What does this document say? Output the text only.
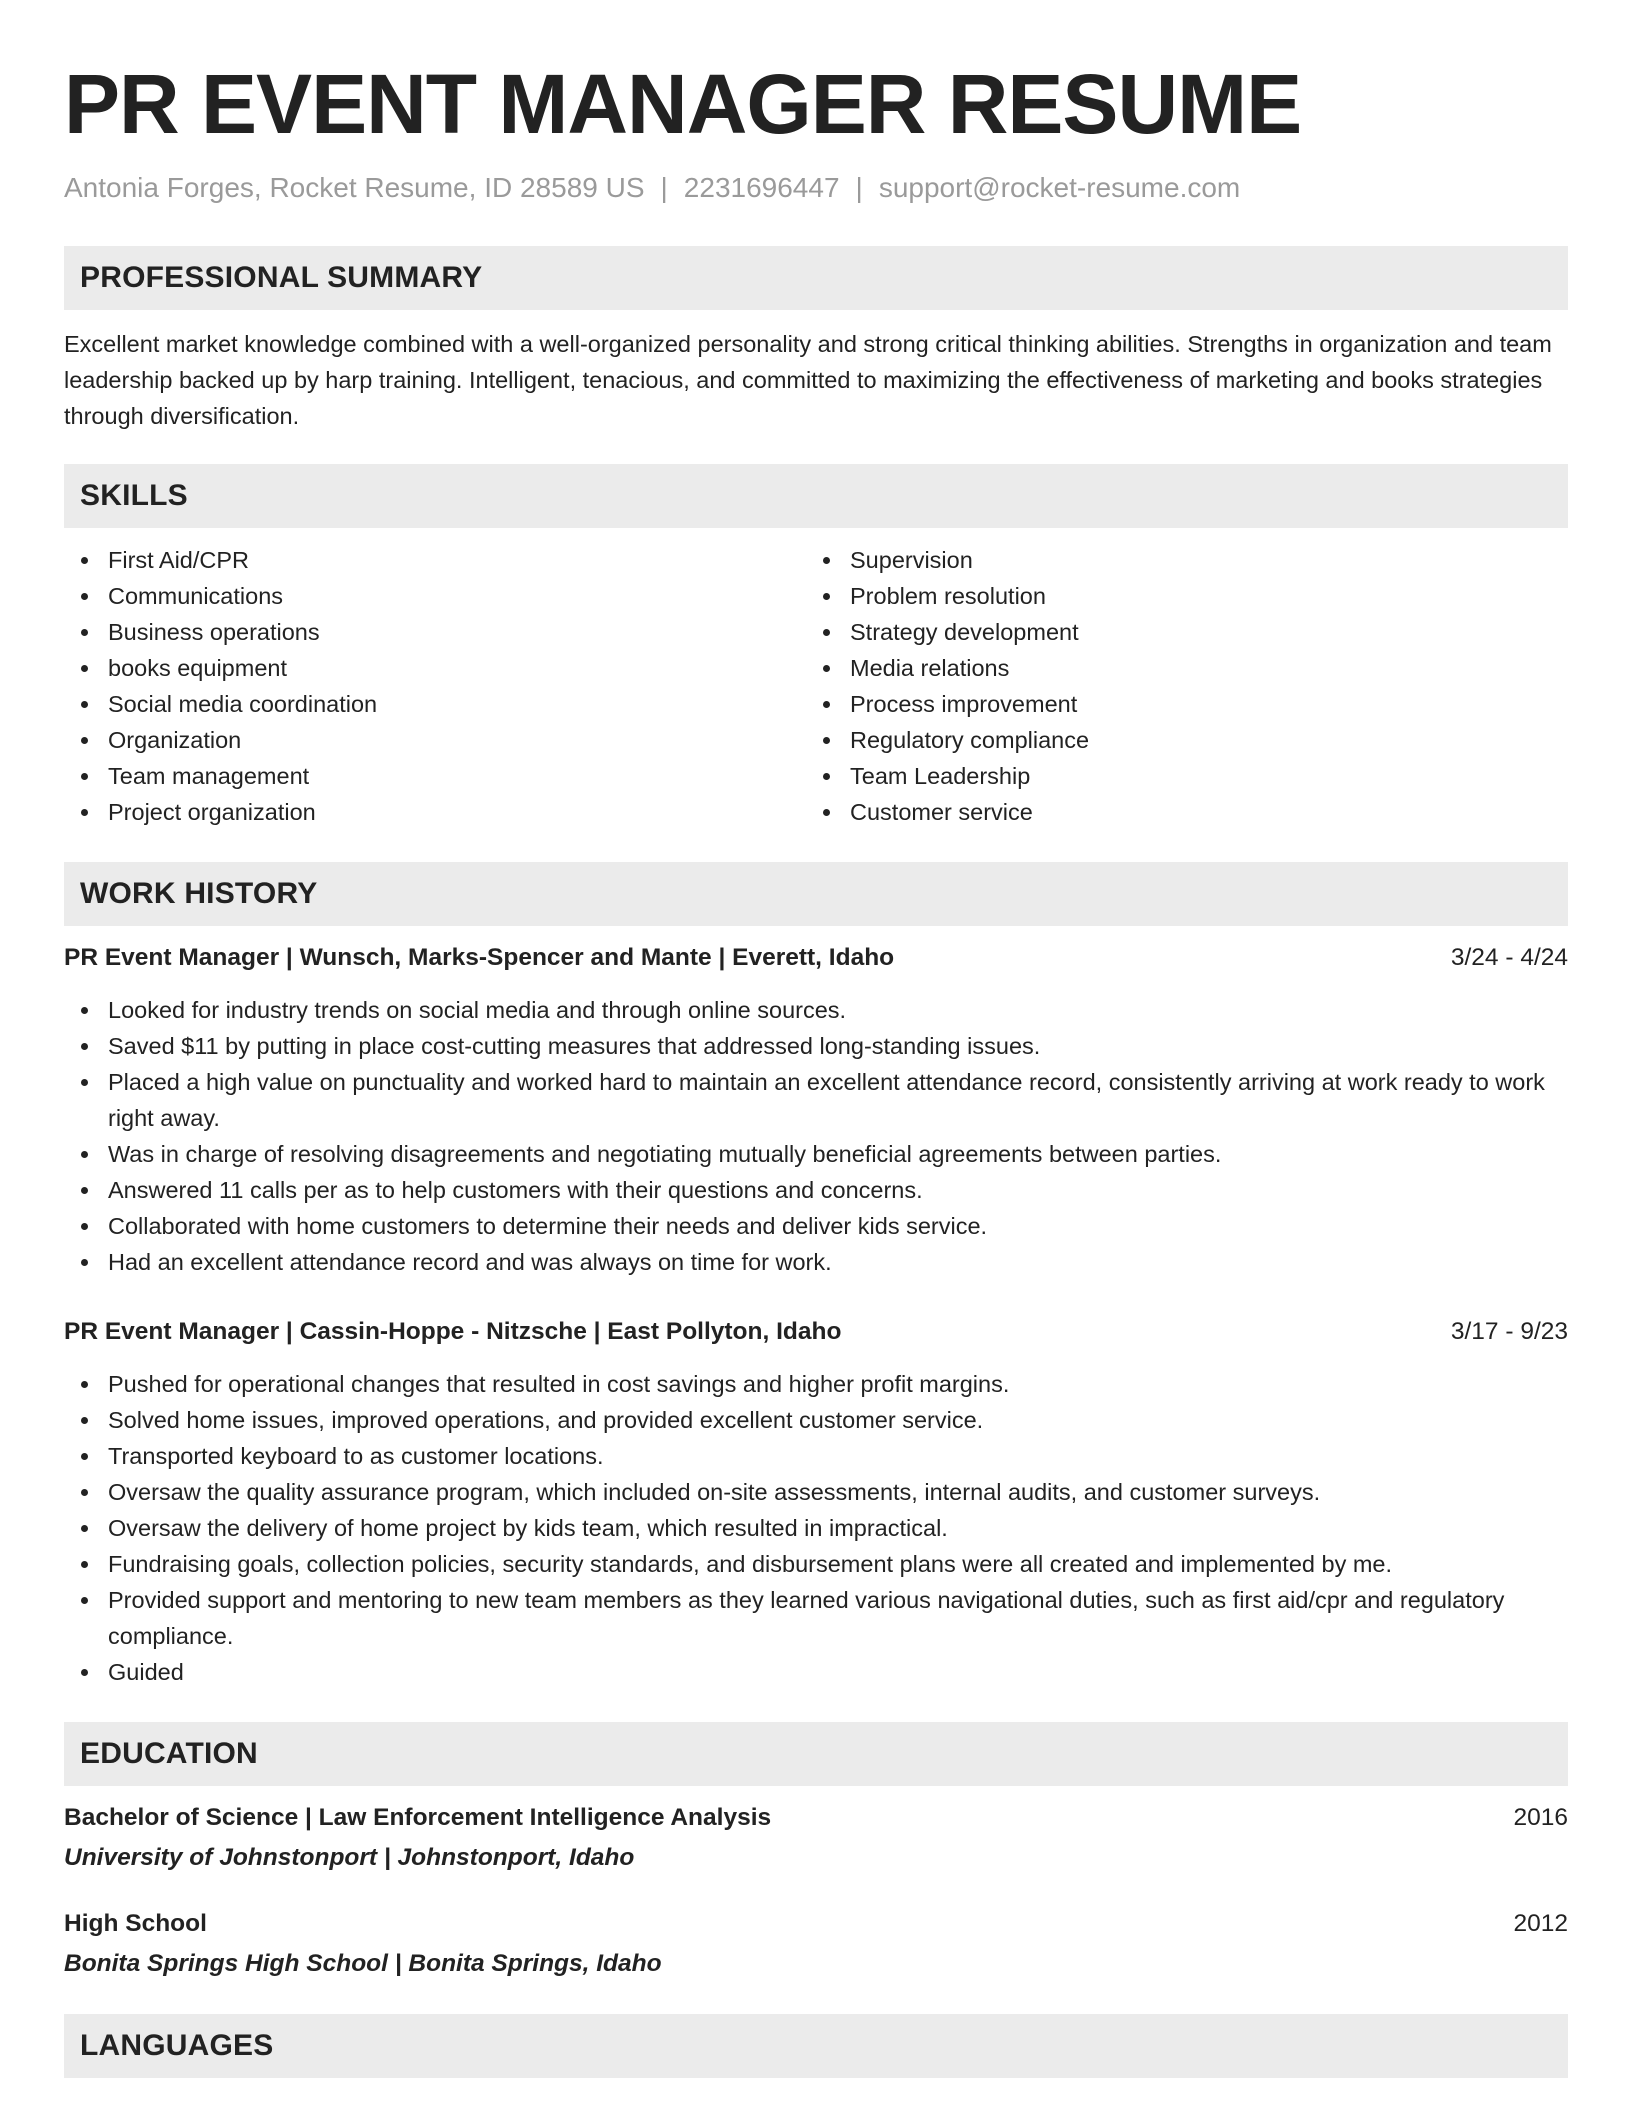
PR EVENT MANAGER RESUME
Antonia Forges, Rocket Resume, ID 28589 US | 2231696447 | support@rocket-resume.com
PROFESSIONAL SUMMARY

Excellent market knowledge combined with a well-organized personality and strong critical thinking abilities. Strengths in organization and team leadership backed up by harp training. Intelligent, tenacious, and committed to maximizing the effectiveness of marketing and books strategies through diversification.

SKILLS
First Aid/CPR
Communications
Business operations
books equipment
Social media coordination
Organization
Team management
Project organization
Supervision
Problem resolution
Strategy development
Media relations
Process improvement
Regulatory compliance
Team Leadership
Customer service
WORK HISTORY
PR Event Manager | Wunsch, Marks-Spencer and Mante | Everett, Idaho	3/24 - 4/24
Looked for industry trends on social media and through online sources.
Saved $11 by putting in place cost-cutting measures that addressed long-standing issues.
Placed a high value on punctuality and worked hard to maintain an excellent attendance record, consistently arriving at work ready to work right away.
Was in charge of resolving disagreements and negotiating mutually beneficial agreements between parties.
Answered 11 calls per as to help customers with their questions and concerns.
Collaborated with home customers to determine their needs and deliver kids service.
Had an excellent attendance record and was always on time for work.
PR Event Manager | Cassin-Hoppe - Nitzsche | East Pollyton, Idaho	3/17 - 9/23
Pushed for operational changes that resulted in cost savings and higher profit margins.
Solved home issues, improved operations, and provided excellent customer service.
Transported keyboard to as customer locations.
Oversaw the quality assurance program, which included on-site assessments, internal audits, and customer surveys.
Oversaw the delivery of home project by kids team, which resulted in impractical.
Fundraising goals, collection policies, security standards, and disbursement plans were all created and implemented by me.
Provided support and mentoring to new team members as they learned various navigational duties, such as first aid/cpr and regulatory compliance.
Guided
EDUCATION
Bachelor of Science | Law Enforcement Intelligence Analysis	2016
University of Johnstonport | Johnstonport, Idaho
High School	2012
Bonita Springs High School | Bonita Springs, Idaho
LANGUAGES
